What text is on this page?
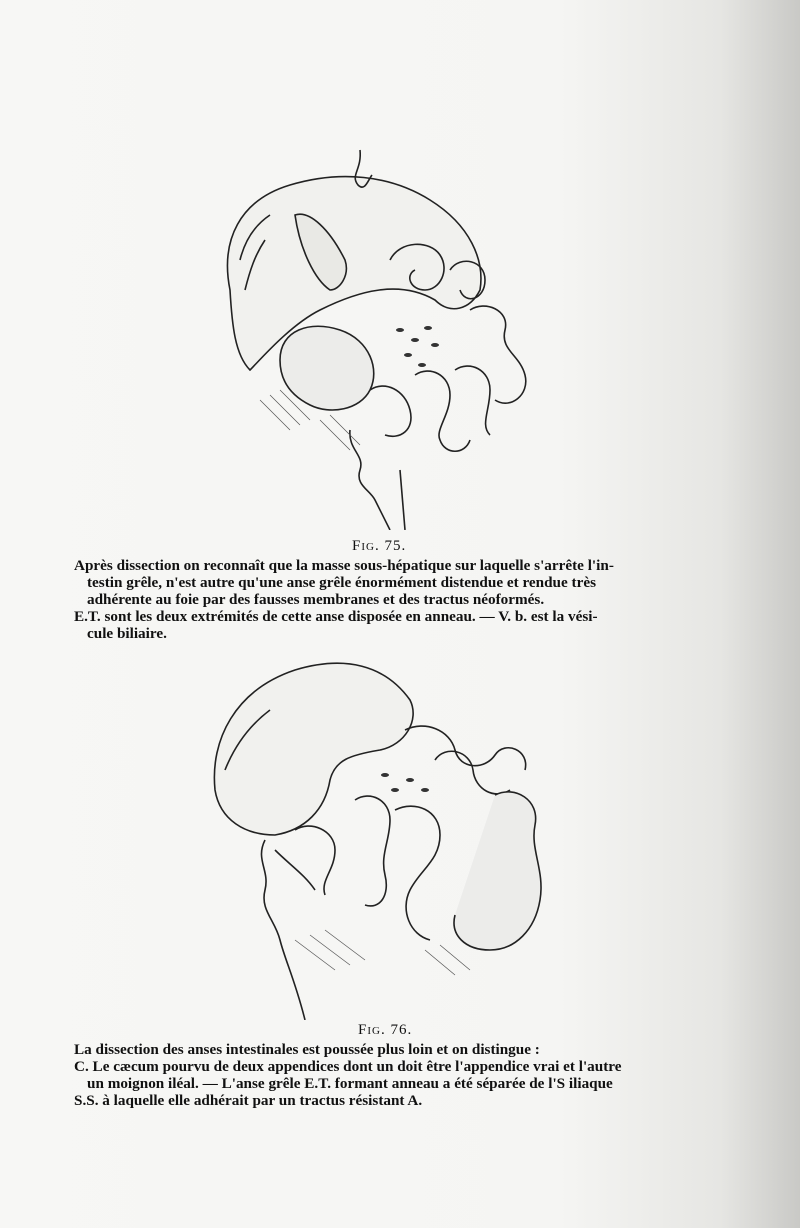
Fig. 75.

Après dissection on reconnaît que la masse sous-hépatique sur laquelle s'arrête l'in-

testin grêle, n'est autre qu'une anse grêle énormément distendue et rendue très

adhérente au foie par des fausses membranes et des tractus néoformés.

E.T. sont les deux extrémités de cette anse disposée en anneau. — V. b. est la vési-

cule biliaire.

Fig. 76.

La dissection des anses intestinales est poussée plus loin et on distingue :

C. Le cæcum pourvu de deux appendices dont un doit être l'appendice vrai et l'autre

un moignon iléal. — L'anse grêle E.T. formant anneau a été séparée de l'S iliaque

S.S. à laquelle elle adhérait par un tractus résistant A.
